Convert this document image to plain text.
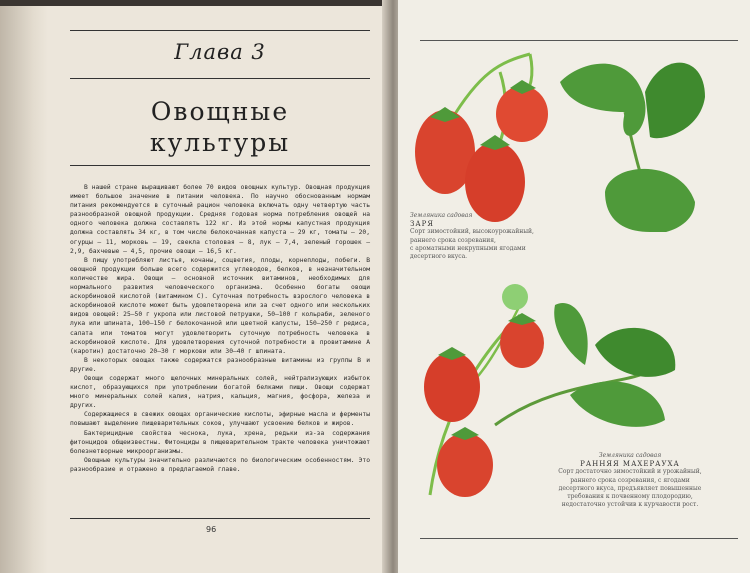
Глава 3
Овощные
культуры

В нашей стране выращивают более 70 видов овощных культур. Овощная продукция имеет большое значение в питании человека. По научно обоснованным нормам питания рекомендуется в суточный рацион человека включать одну четвертую часть разнообразной овощной продукции. Средняя годовая норма потребления овощей на одного человека должна составлять 122 кг. Из этой нормы капустная продукция должна составлять 34 кг, в том числе белокочанная капуста — 29 кг, томаты — 20, огурцы — 11, морковь — 19, свекла столовая — 8, лук — 7,4, зеленый горошек — 2,9, бахчевые — 4,5, прочие овощи — 16,5 кг.

В пищу употребляют листья, кочаны, соцветия, плоды, корнеплоды, побеги. В овощной продукции больше всего содержится углеводов, белков, в незначительном количестве жира. Овощи — основной источник витаминов, необходимых для нормального развития человеческого организма. Особенно богаты овощи аскорбиновой кислотой (витамином С). Суточная потребность взрослого человека в аскорбиновой кислоте может быть удовлетворена или за счет одного или нескольких видов овощей: 25—50 г укропа или листовой петрушки, 50—100 г кольраби, зеленого лука или шпината, 100—150 г белокочанной или цветной капусты, 150—250 г редиса, салата или томатов могут удовлетворить суточную потребность человека в аскорбиновой кислоте. Для удовлетворения суточной потребности в провитамине А (каротин) достаточно 20—30 г моркови или 30—40 г шпината.

В некоторых овощах также содержатся разнообразные витамины из группы В и другие.

Овощи содержат много щелочных минеральных солей, нейтрализующих избыток кислот, образующихся при употреблении богатой белками пищи. Овощи содержат много минеральных солей калия, натрия, кальция, магния, фосфора, железа и других.

Содержащиеся в свежих овощах органические кислоты, эфирные масла и ферменты повышают выделение пищеварительных соков, улучшают усвоение белков и жиров.

Бактерицидные свойства чеснока, лука, хрена, редьки из-за содержания фитонцидов общеизвестны. Фитонциды в пищеварительном тракте человека уничтожают болезнетворные микроорганизмы.

Овощные культуры значительно различаются по биологическим особенностям. Это разнообразие и отражено в предлагаемой главе.

96
Земляника садовая
ЗАРЯ
Сорт зимостойкий, высокоурожайный,
раннего срока созревания,
с ароматными некрупными ягодами
десертного вкуса.
Земляника садовая
РАННЯЯ МАХЕРАУХА
Сорт достаточно зимостойкий и урожайный,
раннего срока созревания, с ягодами
десертного вкуса, предъявляет повышенные
требования к почвенному плодородию,
недостаточно устойчив к курчавости рост.
